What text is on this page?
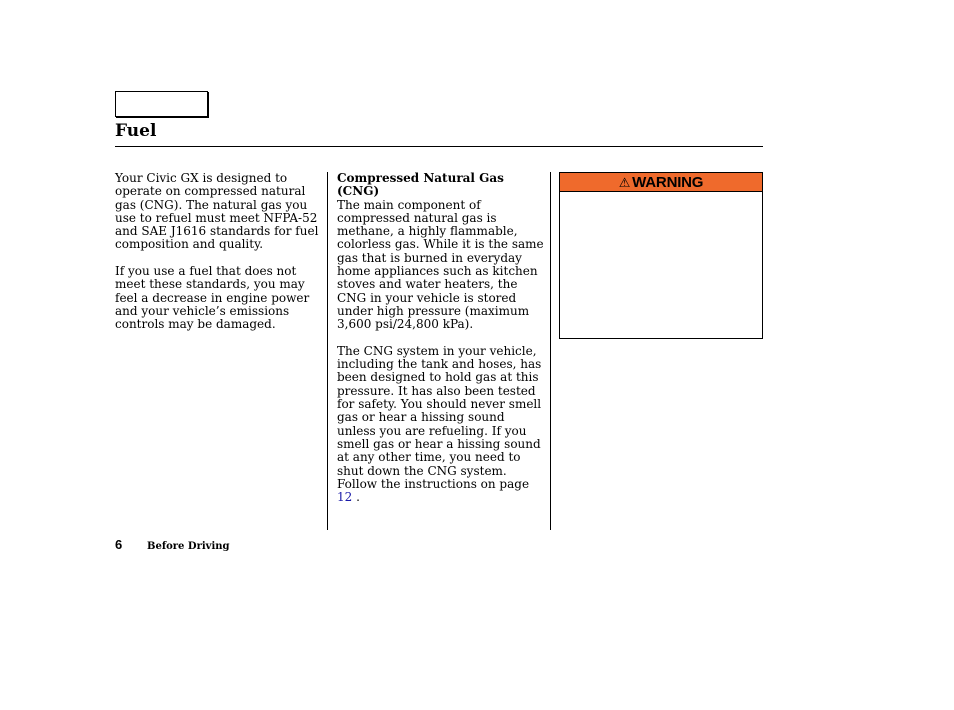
Fuel

Your Civic GX is designed to operate on compressed natural gas (CNG). The natural gas you use to refuel must meet NFPA-52 and SAE J1616 standards for fuel composition and quality.

If you use a fuel that does not meet these standards, you may feel a decrease in engine power and your vehicle’s emissions controls may be damaged.

Compressed Natural Gas (CNG)

The main component of compressed natural gas is methane, a highly flammable, colorless gas. While it is the same gas that is burned in everyday home appliances such as kitchen stoves and water heaters, the CNG in your vehicle is stored under high pressure (maximum 3,600 psi/24,800 kPa).

The CNG system in your vehicle, including the tank and hoses, has been designed to hold gas at this pressure. It has also been tested for safety. You should never smell gas or hear a hissing sound unless you are refueling. If you smell gas or hear a hissing sound at any other time, you need to shut down the CNG system. Follow the instructions on page 12 .

⚠ WARNING
6 Before Driving
